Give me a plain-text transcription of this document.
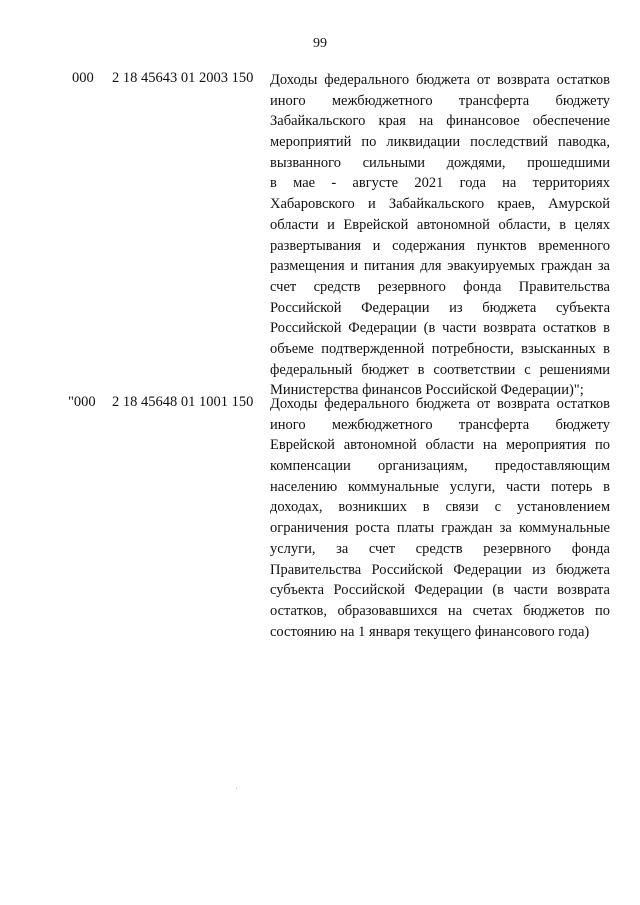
99
000 2 18 45643 01 2003 150 Доходы федерального бюджета от возврата остатков
иного межбюджетного трансферта бюджету
Забайкальского края на финансовое обеспечение
мероприятий по ликвидации последствий паводка,
вызванного сильными дождями, прошедшими
в мае - августе 2021 года на территориях
Хабаровского и Забайкальского краев, Амурской
области и Еврейской автономной области, в целях
развертывания и содержания пунктов временного
размещения и питания для эвакуируемых граждан за
счет средств резервного фонда Правительства
Российской Федерации из бюджета субъекта
Российской Федерации (в части возврата остатков в
объеме подтвержденной потребности, взысканных в
федеральный бюджет в соответствии с решениями
Министерства финансов Российской Федерации)";
"000 2 18 45648 01 1001 150 Доходы федерального бюджета от возврата остатков
иного межбюджетного трансферта бюджету
Еврейской автономной области на мероприятия по
компенсации организациям, предоставляющим
населению коммунальные услуги, части потерь в
доходах, возникших в связи с установлением
ограничения роста платы граждан за коммунальные
услуги, за счет средств резервного фонда
Правительства Российской Федерации из бюджета
субъекта Российской Федерации (в части возврата
остатков, образовавшихся на счетах бюджетов по
состоянию на 1 января текущего финансового года)
